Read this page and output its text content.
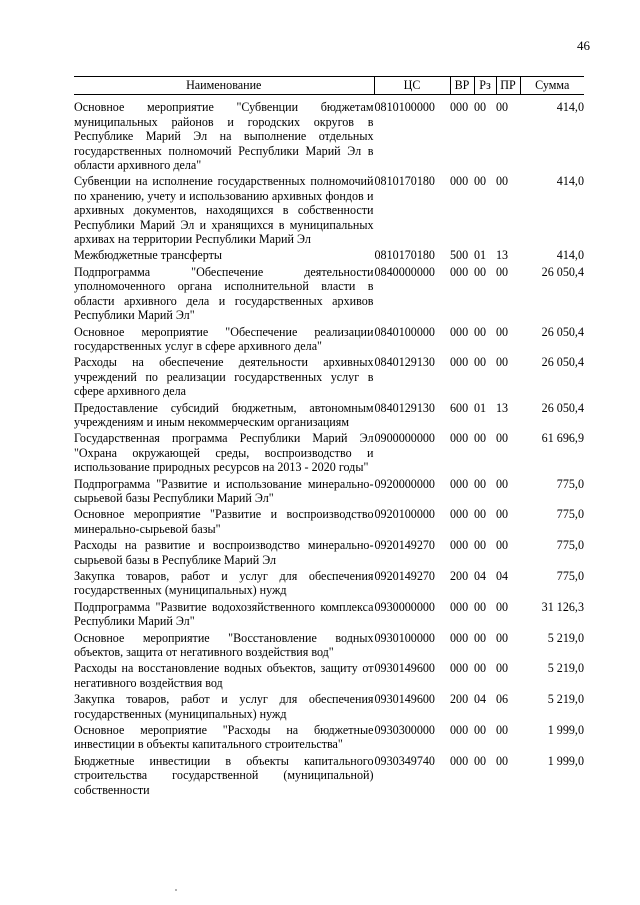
46
Наименование	ЦС	ВР	Рз	ПР	Сумма
Основное мероприятие "Субвенции бюджетам муниципальных районов и городских округов в Республике Марий Эл на выполнение отдельных государственных полномочий Республики Марий Эл в области архивного дела"	0810100000	000	00	00	414,0
Субвенции на исполнение государственных полномочий по хранению, учету и использованию архивных фондов и архивных документов, находящихся в собственности Республики Марий Эл и хранящихся в муниципальных архивах на территории Республики Марий Эл	0810170180	000	00	00	414,0
Межбюджетные трансферты	0810170180	500	01	13	414,0
Подпрограмма "Обеспечение деятельности уполномоченного органа исполнительной власти в области архивного дела и государственных архивов Республики Марий Эл"	0840000000	000	00	00	26 050,4
Основное мероприятие "Обеспечение реализации государственных услуг в сфере архивного дела"	0840100000	000	00	00	26 050,4
Расходы на обеспечение деятельности архивных учреждений по реализации государственных услуг в сфере архивного дела	0840129130	000	00	00	26 050,4
Предоставление субсидий бюджетным, автономным учреждениям и иным некоммерческим организациям	0840129130	600	01	13	26 050,4
Государственная программа Республики Марий Эл "Охрана окружающей среды, воспроизводство и использование природных ресурсов на 2013 - 2020 годы"	0900000000	000	00	00	61 696,9
Подпрограмма "Развитие и использование минерально-сырьевой базы Республики Марий Эл"	0920000000	000	00	00	775,0
Основное мероприятие "Развитие и воспроизводство минерально-сырьевой базы"	0920100000	000	00	00	775,0
Расходы на развитие и воспроизводство минерально-сырьевой базы в Республике Марий Эл	0920149270	000	00	00	775,0
Закупка товаров, работ и услуг для обеспечения государственных (муниципальных) нужд	0920149270	200	04	04	775,0
Подпрограмма "Развитие водохозяйственного комплекса Республики Марий Эл"	0930000000	000	00	00	31 126,3
Основное мероприятие "Восстановление водных объектов, защита от негативного воздействия вод"	0930100000	000	00	00	5 219,0
Расходы на восстановление водных объектов, защиту от негативного воздействия вод	0930149600	000	00	00	5 219,0
Закупка товаров, работ и услуг для обеспечения государственных (муниципальных) нужд	0930149600	200	04	06	5 219,0
Основное мероприятие "Расходы на бюджетные инвестиции в объекты капитального строительства"	0930300000	000	00	00	1 999,0
Бюджетные инвестиции в объекты капитального строительства государственной (муниципальной) собственности	0930349740	000	00	00	1 999,0
